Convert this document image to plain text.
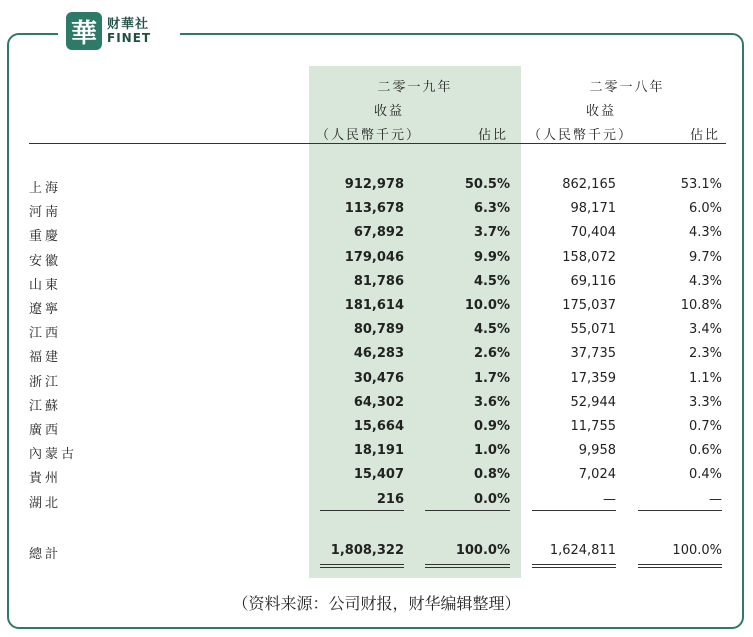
華 财華社
FINET
二零一九年	二零一八年
收益	收益
（人民幣千元）	佔比 （人民幣千元）	佔比
上海	912,978	50.5%	862,165	53.1%
河南	113,678	6.3%	98,171	6.0%
重慶	67,892	3.7%	70,404	4.3%
安徽	179,046	9.9%	158,072	9.7%
山東	81,786	4.5%	69,116	4.3%
遼寧	181,614	10.0%	175,037	10.8%
江西	80,789	4.5%	55,071	3.4%
福建	46,283	2.6%	37,735	2.3%
浙江	30,476	1.7%	17,359	1.1%
江蘇	64,302	3.6%	52,944	3.3%
廣西	15,664	0.9%	11,755	0.7%
內蒙古	18,191	1.0%	9,958	0.6%
貴州	15,407	0.8%	7,024	0.4%
湖北	216	0.0%	—	—
總計	1,808,322	100.0%	1,624,811	100.0%
（资料来源：公司财报，财华编辑整理）
